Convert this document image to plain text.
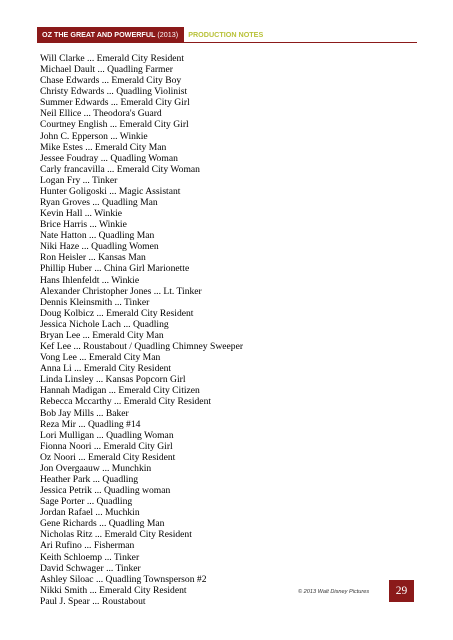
OZ THE GREAT AND POWERFUL (2013)	PRODUCTION NOTES
Will Clarke ... Emerald City Resident
Michael Dault ... Quadling Farmer
Chase Edwards ... Emerald City Boy
Christy Edwards ... Quadling Violinist
Summer Edwards ... Emerald City Girl
Neil Ellice ... Theodora's Guard
Courtney English ... Emerald City Girl
John C. Epperson ... Winkie
Mike Estes ... Emerald City Man
Jessee Foudray ... Quadling Woman
Carly francavilla ... Emerald City Woman
Logan Fry ... Tinker
Hunter Goligoski ... Magic Assistant
Ryan Groves ... Quadling Man
Kevin Hall ... Winkie
Brice Harris ... Winkie
Nate Hatton ... Quadling Man
Niki Haze ... Quadling Women
Ron Heisler ... Kansas Man
Phillip Huber ... China Girl Marionette
Hans Ihlenfeldt ... Winkie
Alexander Christopher Jones ... Lt. Tinker
Dennis Kleinsmith ... Tinker
Doug Kolbicz ... Emerald City Resident
Jessica Nichole Lach ... Quadling
Bryan Lee ... Emerald City Man
Kef Lee ... Roustabout / Quadling Chimney Sweeper
Vong Lee ... Emerald City Man
Anna Li ... Emerald City Resident
Linda Linsley ... Kansas Popcorn Girl
Hannah Madigan ... Emerald City Citizen
Rebecca Mccarthy ... Emerald City Resident
Bob Jay Mills ... Baker
Reza Mir ... Quadling #14
Lori Mulligan ... Quadling Woman
Fionna Noori ... Emerald City Girl
Oz Noori ... Emerald City Resident
Jon Overgaauw ... Munchkin
Heather Park ... Quadling
Jessica Petrik ... Quadling woman
Sage Porter ... Quadling
Jordan Rafael ... Muchkin
Gene Richards ... Quadling Man
Nicholas Ritz ... Emerald City Resident
Ari Rufino ... Fisherman
Keith Schloemp ... Tinker
David Schwager ... Tinker
Ashley Siloac ... Quadling Townsperson #2
Nikki Smith ... Emerald City Resident
Paul J. Spear ... Roustabout
© 2013 Walt Disney Pictures	29
